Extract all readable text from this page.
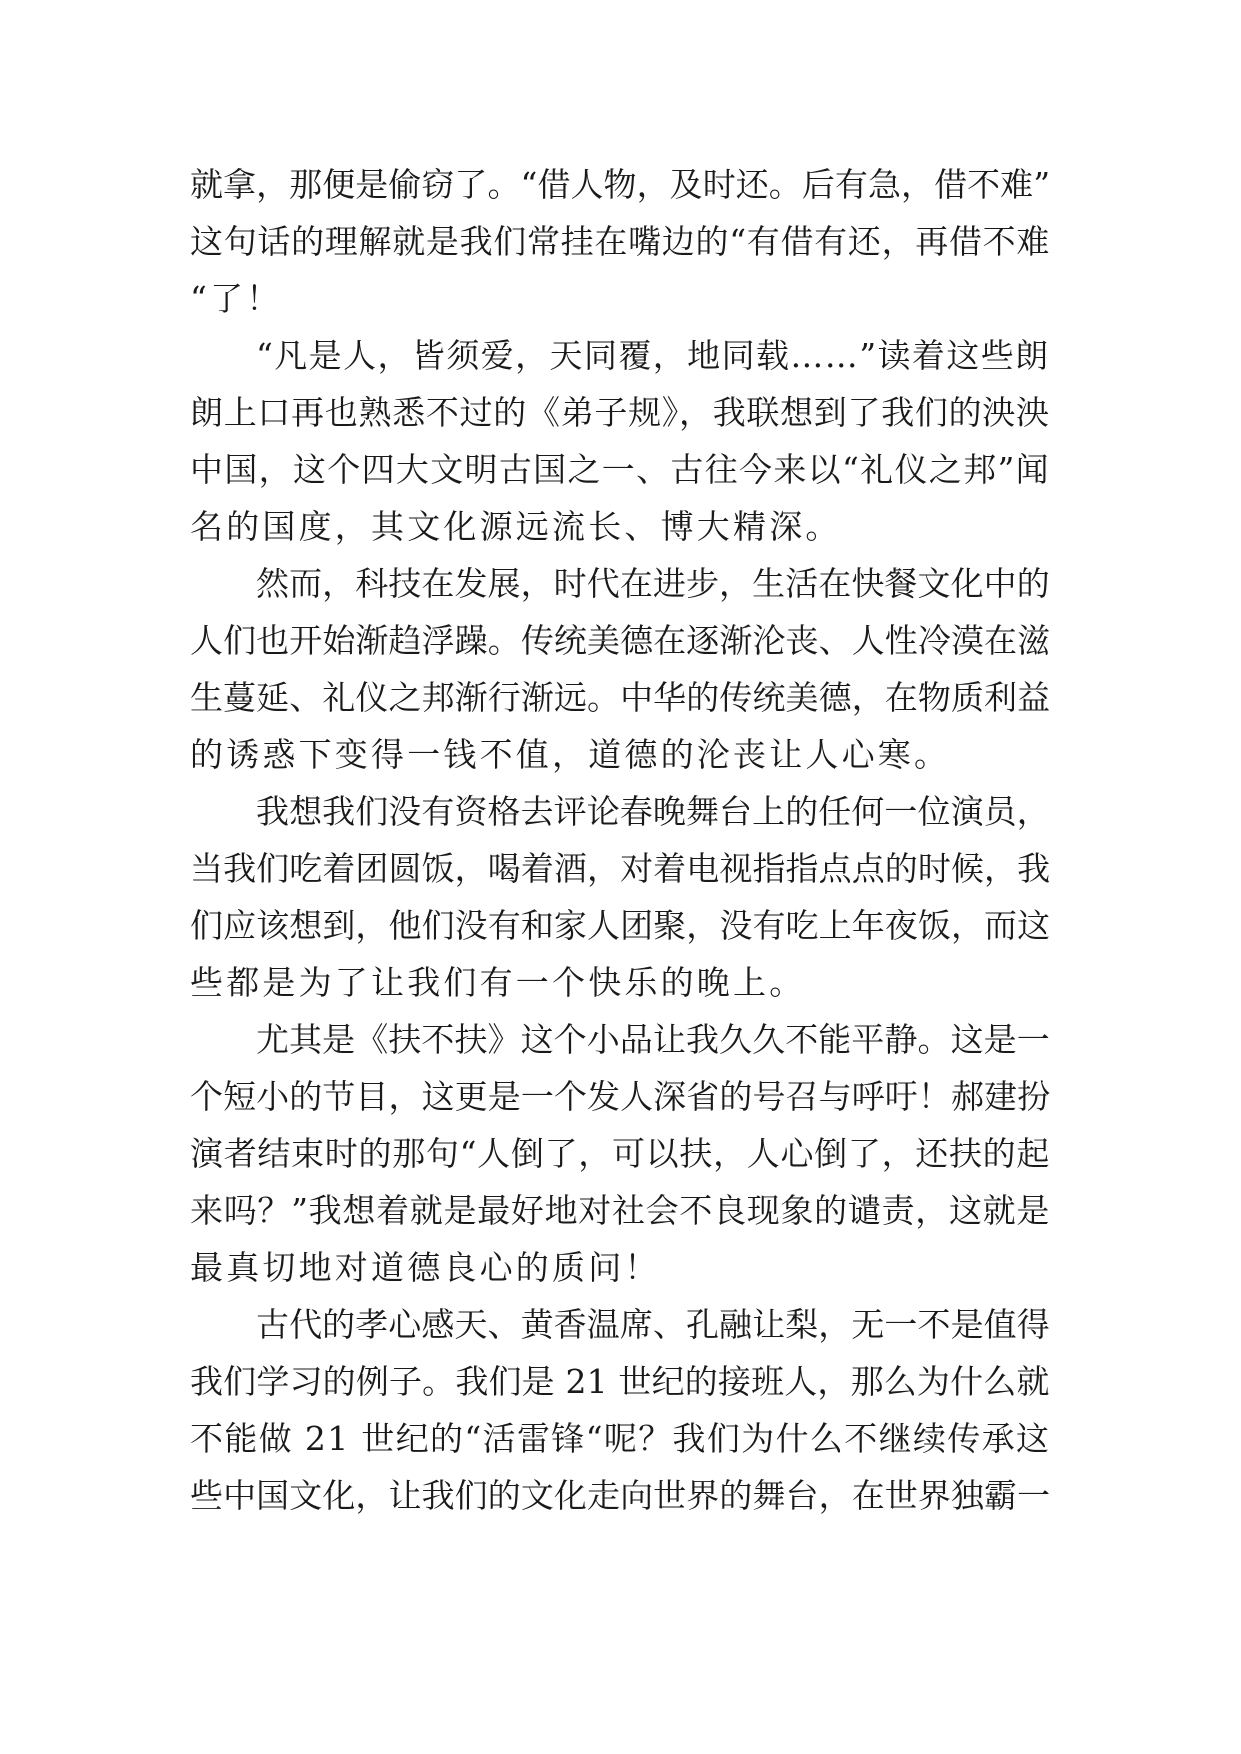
就拿，那便是偷窃了。“借人物，及时还。后有急，借不难”
这句话的理解就是我们常挂在嘴边的“有借有还，再借不难
“了！
“凡是人，皆须爱，天同覆，地同载……”读着这些朗
朗上口再也熟悉不过的《弟子规》，我联想到了我们的泱泱
中国，这个四大文明古国之一、古往今来以“礼仪之邦”闻
名的国度，其文化源远流长、博大精深。
然而，科技在发展，时代在进步，生活在快餐文化中的
人们也开始渐趋浮躁。传统美德在逐渐沦丧、人性冷漠在滋
生蔓延、礼仪之邦渐行渐远。中华的传统美德，在物质利益
的诱惑下变得一钱不值，道德的沦丧让人心寒。
我想我们没有资格去评论春晚舞台上的任何一位演员，
当我们吃着团圆饭，喝着酒，对着电视指指点点的时候，我
们应该想到，他们没有和家人团聚，没有吃上年夜饭，而这
些都是为了让我们有一个快乐的晚上。
尤其是《扶不扶》这个小品让我久久不能平静。这是一
个短小的节目，这更是一个发人深省的号召与呼吁！郝建扮
演者结束时的那句“人倒了，可以扶，人心倒了，还扶的起
来吗？”我想着就是最好地对社会不良现象的谴责，这就是
最真切地对道德良心的质问！
古代的孝心感天、黄香温席、孔融让梨，无一不是值得
我们学习的例子。我们是 21 世纪的接班人，那么为什么就
不能做 21 世纪的“活雷锋“呢？我们为什么不继续传承这
些中国文化，让我们的文化走向世界的舞台，在世界独霸一
